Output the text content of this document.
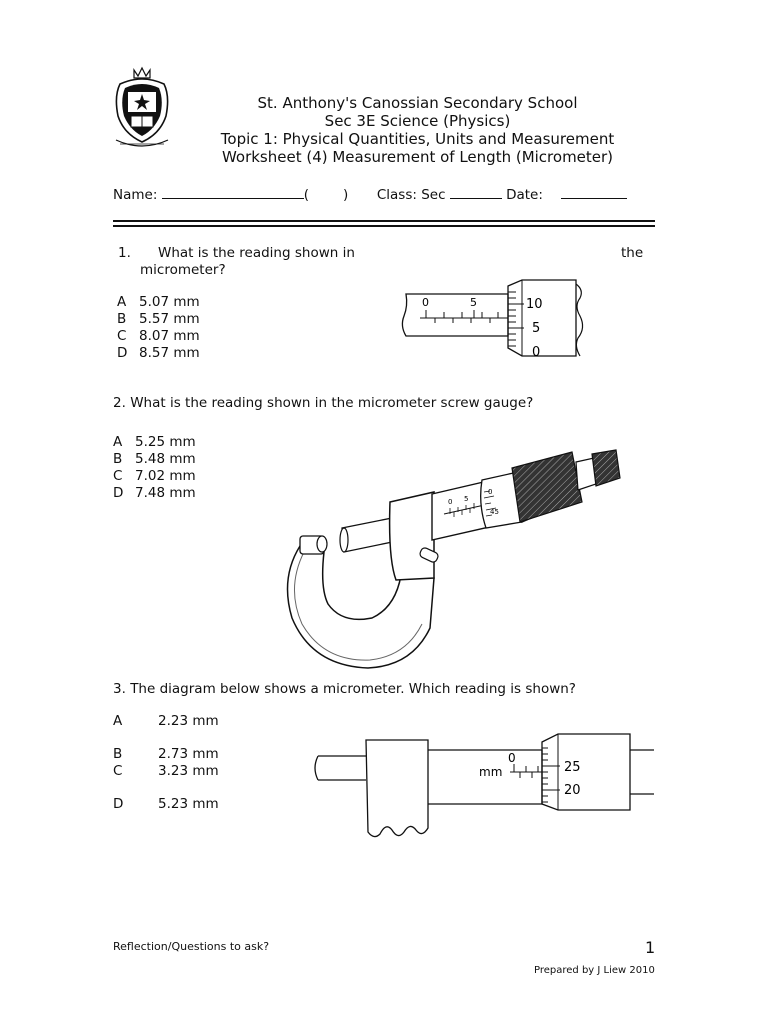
St. Anthony's Canossian Secondary School
Sec 3E Science (Physics)
Topic 1: Physical Quantities, Units and Measurement
Worksheet (4) Measurement of Length (Micrometer)
Name:	(	) Class: Sec	Date:
1. What is the reading shown in	the
micrometer?
A 5.07 mm
B 5.57 mm
C 8.07 mm
D 8.57 mm
0	5	10
5
0
2. What is the reading shown in the micrometer screw gauge?
A 5.25 mm
B 5.48 mm
C 7.02 mm
D 7.48 mm
0 5
0
45
3. The diagram below shows a micrometer. Which reading is shown?
A	2.23 mm
B	2.73 mm
C	3.23 mm
D	5.23 mm
mm
0
25
20
Reflection/Questions to ask?	1
Prepared by J Liew 2010
